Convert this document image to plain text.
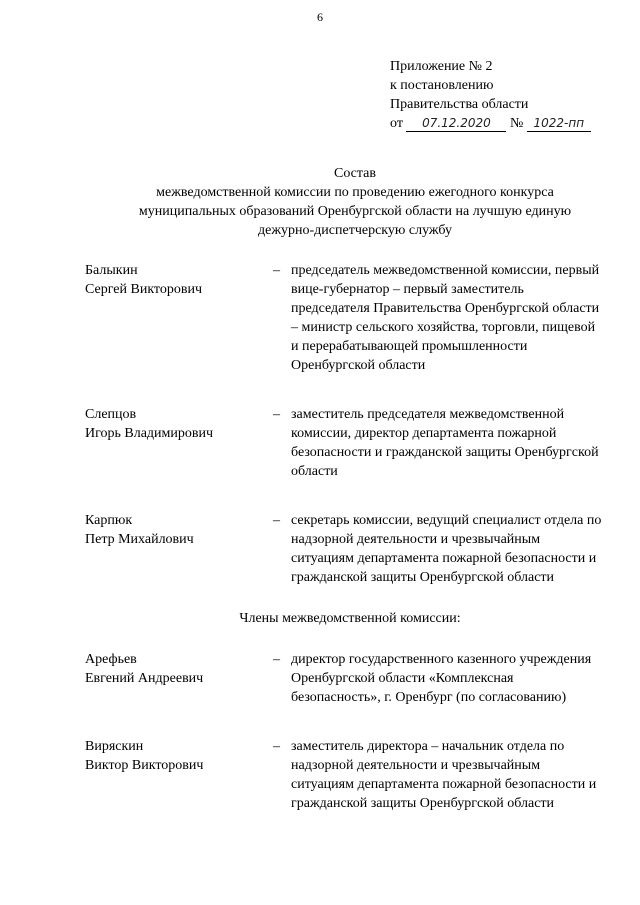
6
Приложение № 2
к постановлению
Правительства области
от 07.12.2020 № 1022-пп
Состав
межведомственной комиссии по проведению ежегодного конкурса
муниципальных образований Оренбургской области на лучшую единую
дежурно-диспетчерскую службу
Балыкин
Сергей Викторович
– председатель межведомственной комиссии, первый вице-губернатор – первый заместитель председателя Правительства Оренбургской области – министр сельского хозяйства, торговли, пищевой и перерабатывающей промышленности Оренбургской области
Слепцов
Игорь Владимирович
– заместитель председателя межведомственной комиссии, директор департамента пожарной безопасности и гражданской защиты Оренбургской области
Карпюк
Петр Михайлович
– секретарь комиссии, ведущий специалист отдела по надзорной деятельности и чрезвычайным ситуациям департамента пожарной безопасности и гражданской защиты Оренбургской области
Члены межведомственной комиссии:
Арефьев
Евгений Андреевич
– директор государственного казенного учреждения Оренбургской области «Комплексная безопасность», г. Оренбург (по согласованию)
Виряскин
Виктор Викторович
– заместитель директора – начальник отдела по надзорной деятельности и чрезвычайным ситуациям департамента пожарной безопасности и гражданской защиты Оренбургской области
